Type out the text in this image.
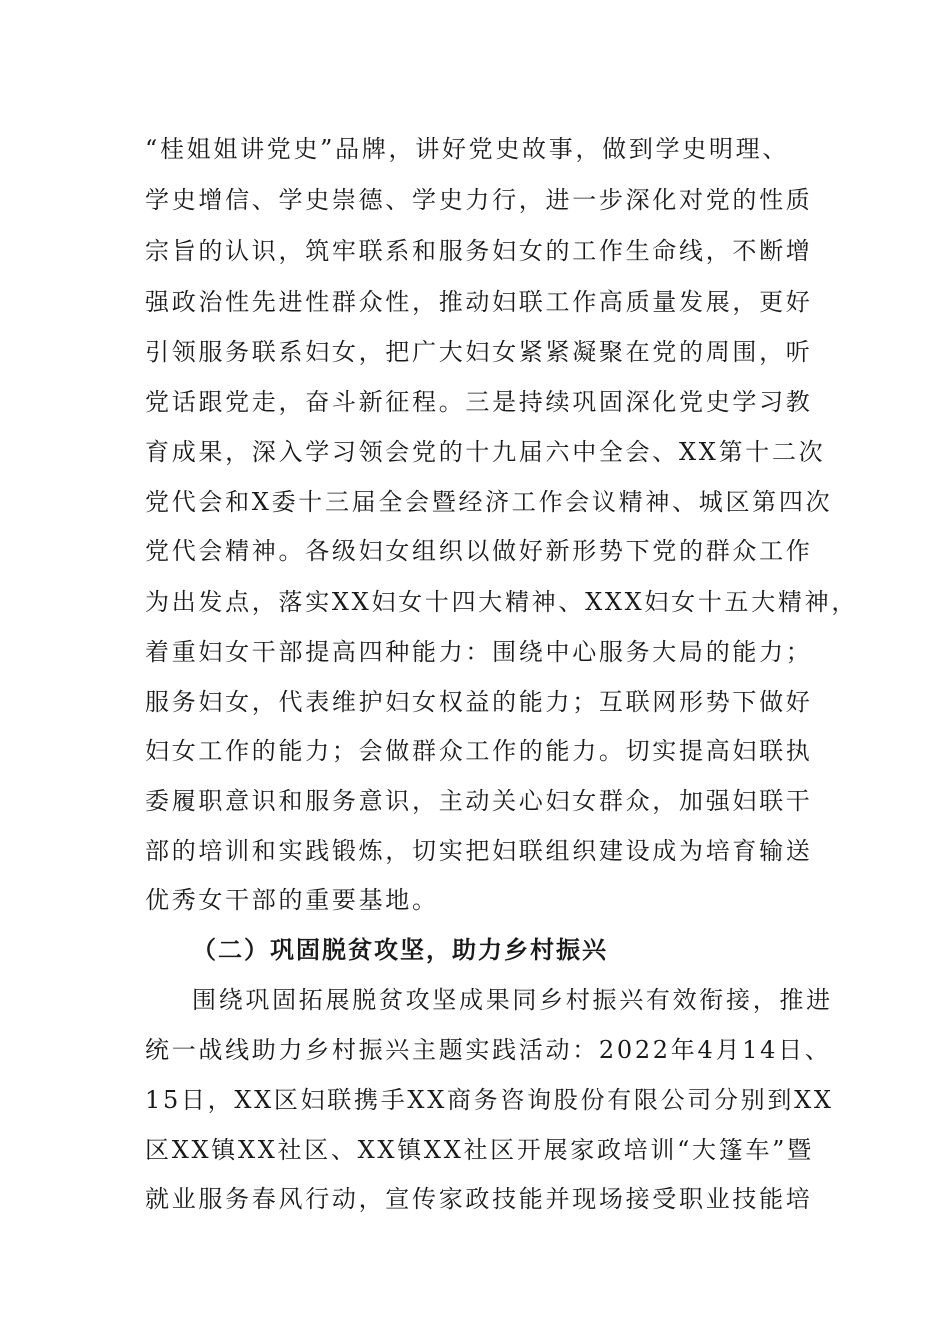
“桂姐姐讲党史”品牌，讲好党史故事，做到学史明理、
学史增信、学史崇德、学史力行，进一步深化对党的性质
宗旨的认识，筑牢联系和服务妇女的工作生命线，不断增
强政治性先进性群众性，推动妇联工作高质量发展，更好
引领服务联系妇女，把广大妇女紧紧凝聚在党的周围，听
党话跟党走，奋斗新征程。三是持续巩固深化党史学习教
育成果，深入学习领会党的十九届六中全会、XX第十二次
党代会和X委十三届全会暨经济工作会议精神、城区第四次
党代会精神。各级妇女组织以做好新形势下党的群众工作
为出发点，落实XX妇女十四大精神、XXX妇女十五大精神，
着重妇女干部提高四种能力：围绕中心服务大局的能力；
服务妇女，代表维护妇女权益的能力；互联网形势下做好
妇女工作的能力；会做群众工作的能力。切实提高妇联执
委履职意识和服务意识，主动关心妇女群众，加强妇联干
部的培训和实践锻炼，切实把妇联组织建设成为培育输送
优秀女干部的重要基地。
（二）巩固脱贫攻坚，助力乡村振兴
围绕巩固拓展脱贫攻坚成果同乡村振兴有效衔接，推进
统一战线助力乡村振兴主题实践活动：2022年4月14日、
15日，XX区妇联携手XX商务咨询股份有限公司分别到XX
区XX镇XX社区、XX镇XX社区开展家政培训“大篷车”暨
就业服务春风行动，宣传家政技能并现场接受职业技能培
